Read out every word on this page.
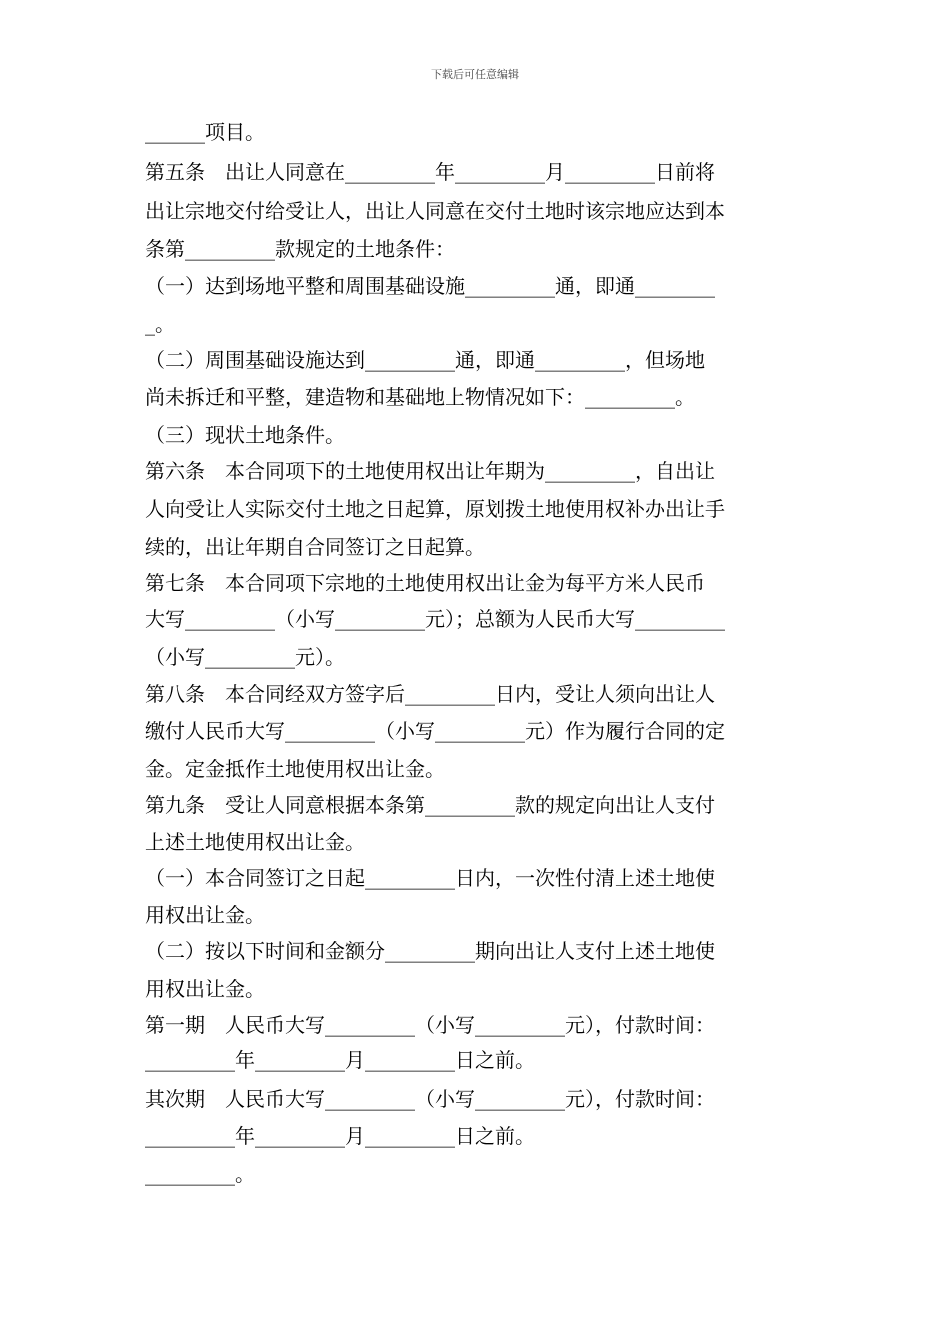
下载后可任意编辑
______项目。
第五条　出让人同意在_________年_________月_________日前将
出让宗地交付给受让人，出让人同意在交付土地时该宗地应达到本
条第_________款规定的土地条件：
（一）达到场地平整和周围基础设施_________通，即通________
_。
（二）周围基础设施达到_________通，即通_________，但场地
尚未拆迁和平整，建造物和基础地上物情况如下：_________。
（三）现状土地条件。
第六条　本合同项下的土地使用权出让年期为_________，自出让
人向受让人实际交付土地之日起算，原划拨土地使用权补办出让手
续的，出让年期自合同签订之日起算。
第七条　本合同项下宗地的土地使用权出让金为每平方米人民币
大写_________（小写_________元）；总额为人民币大写_________
（小写_________元）。
第八条　本合同经双方签字后_________日内，受让人须向出让人
缴付人民币大写_________（小写_________元）作为履行合同的定
金。定金抵作土地使用权出让金。
第九条　受让人同意根据本条第_________款的规定向出让人支付
上述土地使用权出让金。
（一）本合同签订之日起_________日内，一次性付清上述土地使
用权出让金。
（二）按以下时间和金额分_________期向出让人支付上述土地使
用权出让金。
第一期　人民币大写_________（小写_________元），付款时间：
_________年_________月_________日之前。
其次期　人民币大写_________（小写_________元），付款时间：
_________年_________月_________日之前。
_________。
